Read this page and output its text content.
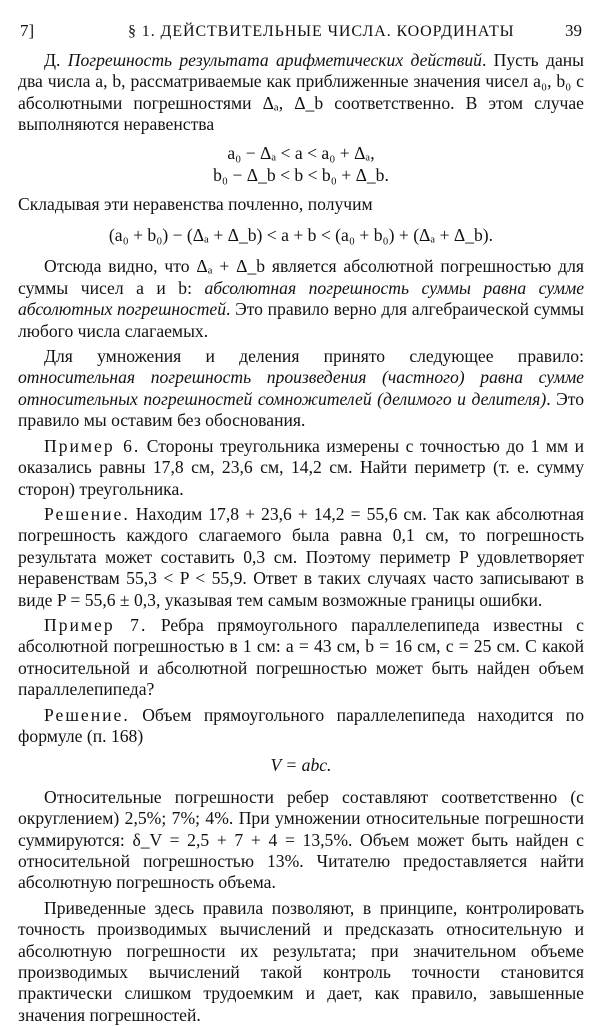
7]	§ 1. ДЕЙСТВИТЕЛЬНЫЕ ЧИСЛА. КООРДИНАТЫ	39
Д. Погрешность результата арифметических действий. Пусть даны два числа a, b, рассматриваемые как приближенные значения чисел a₀, b₀ с абсолютными погрешностями Δₐ, Δ_b соответственно. В этом случае выполняются неравенства
a₀ − Δₐ < a < a₀ + Δₐ,
b₀ − Δ_b < b < b₀ + Δ_b.
Складывая эти неравенства почленно, получим
(a₀ + b₀) − (Δₐ + Δ_b) < a + b < (a₀ + b₀) + (Δₐ + Δ_b).
Отсюда видно, что Δₐ + Δ_b является абсолютной погрешностью для суммы чисел a и b: абсолютная погрешность суммы равна сумме абсолютных погрешностей. Это правило верно для алгебраической суммы любого числа слагаемых.
Для умножения и деления принято следующее правило: относительная погрешность произведения (частного) равна сумме относительных погрешностей сомножителей (делимого и делителя). Это правило мы оставим без обоснования.
Пример 6. Стороны треугольника измерены с точностью до 1 мм и оказались равны 17,8 см, 23,6 см, 14,2 см. Найти периметр (т. е. сумму сторон) треугольника.
Решение. Находим 17,8 + 23,6 + 14,2 = 55,6 см. Так как абсолютная погрешность каждого слагаемого была равна 0,1 см, то погрешность результата может составить 0,3 см. Поэтому периметр P удовлетворяет неравенствам 55,3 < P < 55,9. Ответ в таких случаях часто записывают в виде P = 55,6 ± 0,3, указывая тем самым возможные границы ошибки.
Пример 7. Ребра прямоугольного параллелепипеда известны с абсолютной погрешностью в 1 см: a = 43 см, b = 16 см, c = 25 см. С какой относительной и абсолютной погрешностью может быть найден объем параллелепипеда?
Решение. Объем прямоугольного параллелепипеда находится по формуле (п. 168)
V = abc.
Относительные погрешности ребер составляют соответственно (с округлением) 2,5%; 7%; 4%. При умножении относительные погрешности суммируются: δ_V = 2,5 + 7 + 4 = 13,5%. Объем может быть найден с относительной погрешностью 13%. Читателю предоставляется найти абсолютную погрешность объема.
Приведенные здесь правила позволяют, в принципе, контролировать точность производимых вычислений и предсказать относительную и абсолютную погрешности их результата; при значительном объеме производимых вычислений такой контроль точности становится практически слишком трудоемким и дает, как правило, завышенные значения погрешностей.
